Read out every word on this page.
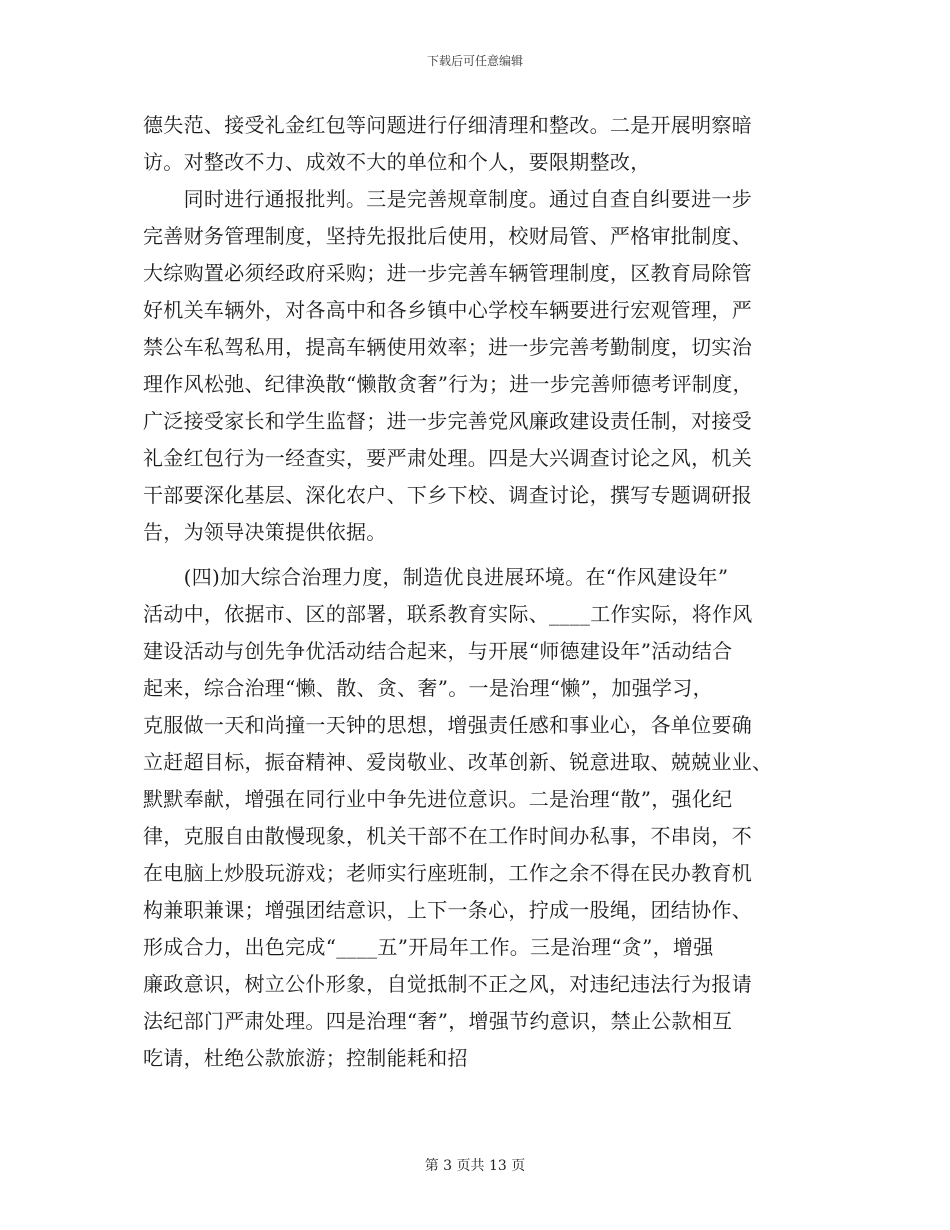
下载后可任意编辑
德失范、接受礼金红包等问题进行仔细清理和整改。二是开展明察暗
访。对整改不力、成效不大的单位和个人，要限期整改，
　　同时进行通报批判。三是完善规章制度。通过自查自纠要进一步
完善财务管理制度，坚持先报批后使用，校财局管、严格审批制度、
大综购置必须经政府采购；进一步完善车辆管理制度，区教育局除管
好机关车辆外，对各高中和各乡镇中心学校车辆要进行宏观管理，严
禁公车私驾私用，提高车辆使用效率；进一步完善考勤制度，切实治
理作风松弛、纪律涣散“懒散贪奢”行为；进一步完善师德考评制度，
广泛接受家长和学生监督；进一步完善党风廉政建设责任制，对接受
礼金红包行为一经查实，要严肃处理。四是大兴调查讨论之风，机关
干部要深化基层、深化农户、下乡下校、调查讨论，撰写专题调研报
告，为领导决策提供依据。
　　(四)加大综合治理力度，制造优良进展环境。在“作风建设年”
活动中，依据市、区的部署，联系教育实际、____工作实际，将作风
建设活动与创先争优活动结合起来，与开展“师德建设年”活动结合
起来，综合治理“懒、散、贪、奢”。一是治理“懒”，加强学习，
克服做一天和尚撞一天钟的思想，增强责任感和事业心，各单位要确
立赶超目标，振奋精神、爱岗敬业、改革创新、锐意进取、兢兢业业、
默默奉献，增强在同行业中争先进位意识。二是治理“散”，强化纪
律，克服自由散慢现象，机关干部不在工作时间办私事，不串岗，不
在电脑上炒股玩游戏；老师实行座班制，工作之余不得在民办教育机
构兼职兼课；增强团结意识，上下一条心，拧成一股绳，团结协作、
形成合力，出色完成“____五”开局年工作。三是治理“贪”，增强
廉政意识，树立公仆形象，自觉抵制不正之风，对违纪违法行为报请
法纪部门严肃处理。四是治理“奢”，增强节约意识，禁止公款相互
吃请，杜绝公款旅游；控制能耗和招
第 3 页共 13 页
